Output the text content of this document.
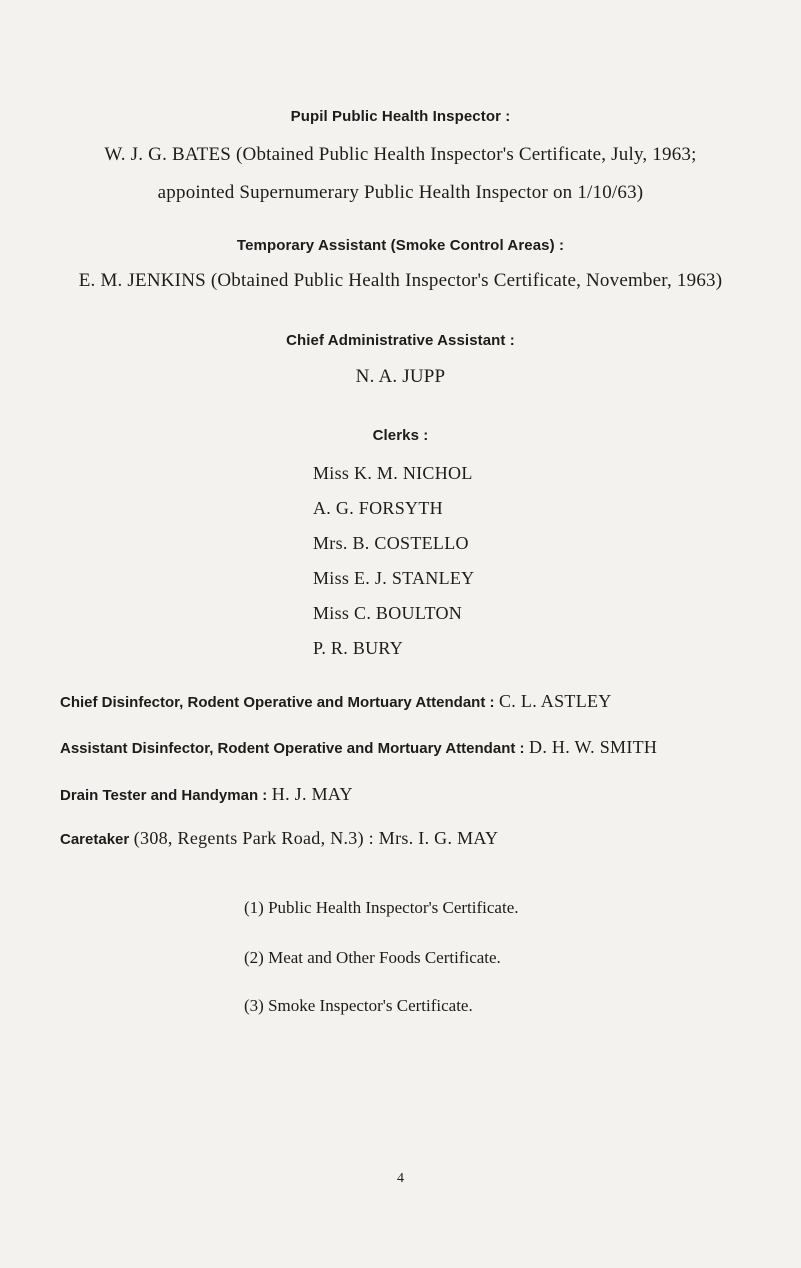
Pupil Public Health Inspector :
W. J. G. BATES (Obtained Public Health Inspector's Certificate, July, 1963;
appointed Supernumerary Public Health Inspector on 1/10/63)
Temporary Assistant (Smoke Control Areas) :
E. M. JENKINS (Obtained Public Health Inspector's Certificate, November, 1963)
Chief Administrative Assistant :
N. A. JUPP
Clerks :
Miss K. M. NICHOL
A. G. FORSYTH
Mrs. B. COSTELLO
Miss E. J. STANLEY
Miss C. BOULTON
P. R. BURY
Chief Disinfector, Rodent Operative and Mortuary Attendant : C. L. ASTLEY
Assistant Disinfector, Rodent Operative and Mortuary Attendant : D. H. W. SMITH
Drain Tester and Handyman : H. J. MAY
Caretaker (308, Regents Park Road, N.3) : Mrs. I. G. MAY
(1) Public Health Inspector's Certificate.
(2) Meat and Other Foods Certificate.
(3) Smoke Inspector's Certificate.
4
